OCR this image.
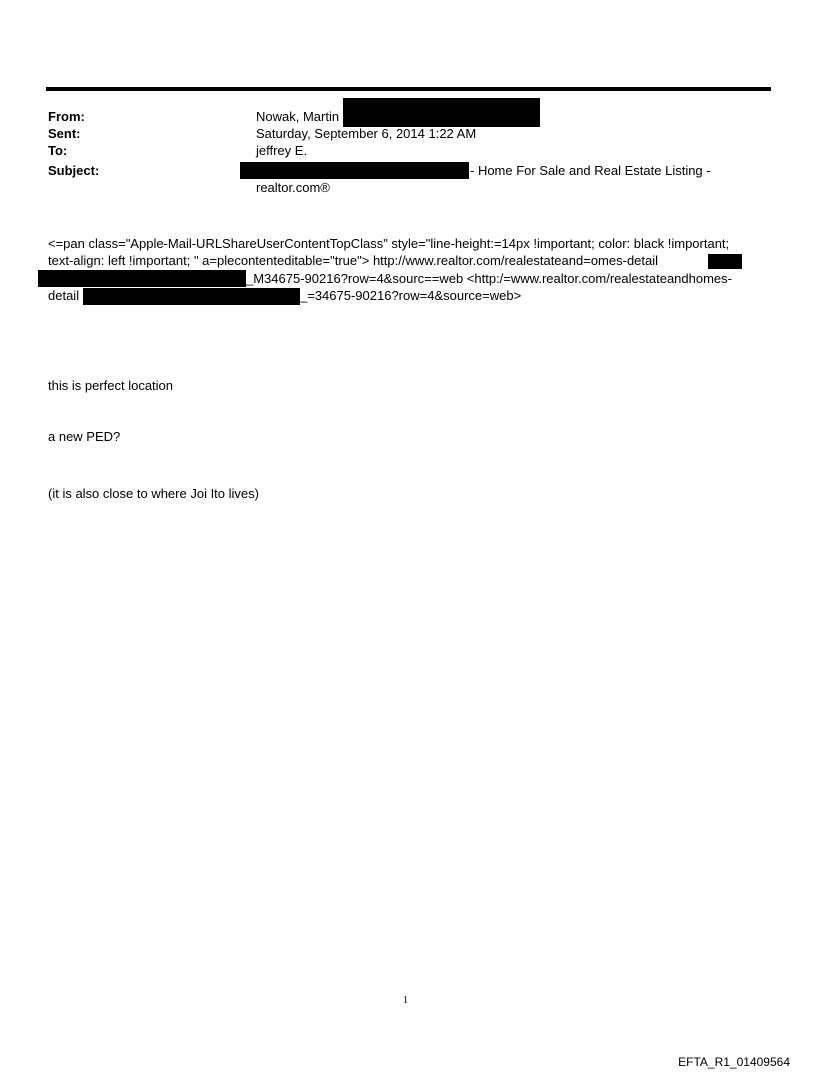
From:
Sent:
To:
Subject:
Nowak, Martin
Saturday, September 6, 2014 1:22 AM
jeffrey E.
- Home For Sale and Real Estate Listing -
realtor.com®
<=pan class="Apple-Mail-URLShareUserContentTopClass" style="line-height:=14px !important; color: black !important;
text-align: left !important; " a=plecontenteditable="true"> http://www.realtor.com/realestateand=omes-detail
_M34675-90216?row=4&sourc==web <http:/=www.realtor.com/realestateandhomes-
detail	_=34675-90216?row=4&source=web>
this is perfect location
a new PED?
(it is also close to where Joi Ito lives)
1
EFTA_R1_01409564
